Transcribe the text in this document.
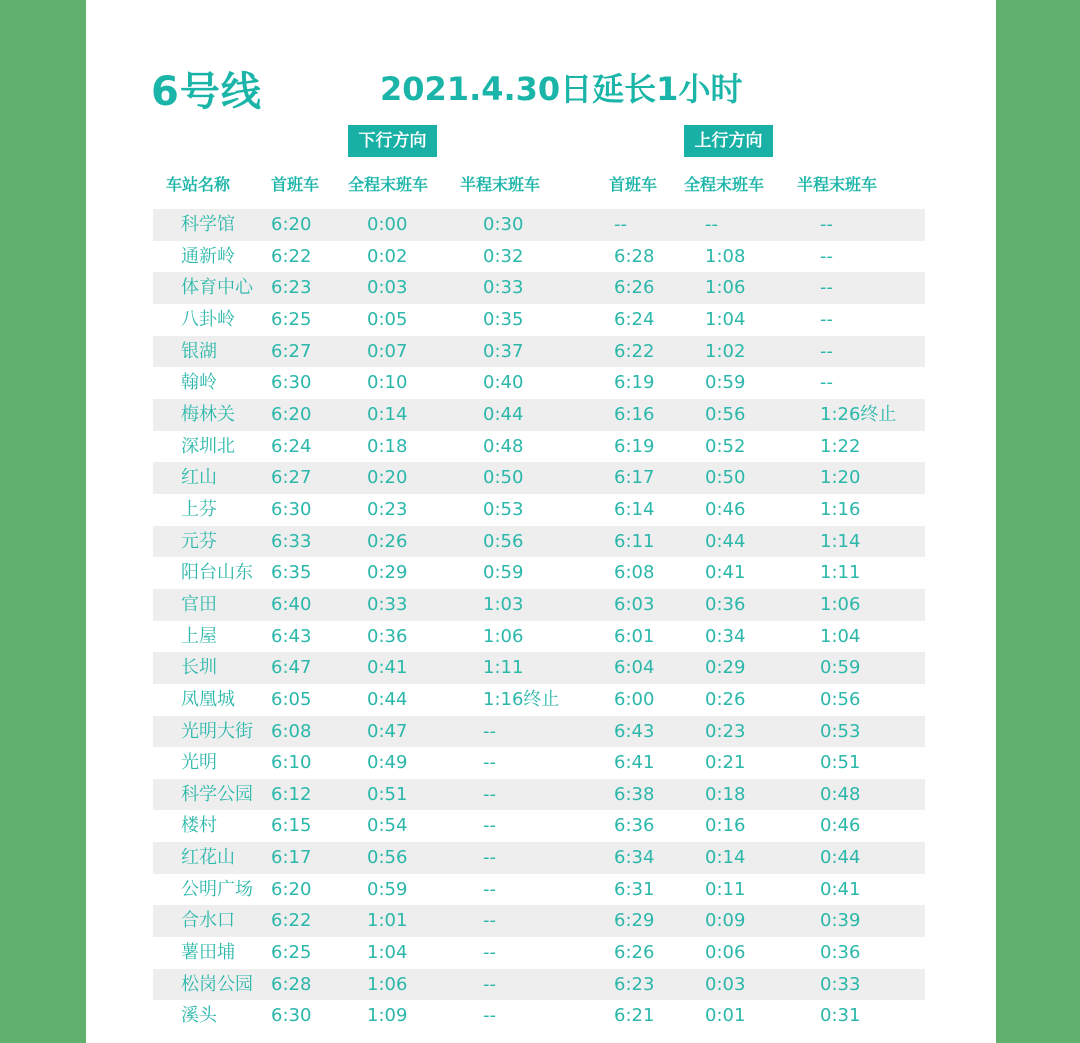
6号线	2021.4.30日延长1小时
下行方向	上行方向
车站名称	首班车 全程末班车 半程末班车	首班车 全程末班车 半程末班车
科学馆 6:20	0:00	0:30	--	--	--
通新岭 6:22	0:02	0:32	6:28	1:08	--
体育中心 6:23	0:03	0:33	6:26	1:06	--
八卦岭 6:25	0:05	0:35	6:24	1:04	--
银湖	6:27	0:07	0:37	6:22	1:02	--
翰岭	6:30	0:10	0:40	6:19	0:59	--
梅林关 6:20	0:14	0:44	6:16	0:56	1:26终止
深圳北 6:24	0:18	0:48	6:19	0:52	1:22
红山	6:27	0:20	0:50	6:17	0:50	1:20
上芬	6:30	0:23	0:53	6:14	0:46	1:16
元芬	6:33	0:26	0:56	6:11	0:44	1:14
阳台山东 6:35	0:29	0:59	6:08	0:41	1:11
官田	6:40	0:33	1:03	6:03	0:36	1:06
上屋	6:43	0:36	1:06	6:01	0:34	1:04
长圳	6:47	0:41	1:11	6:04	0:29	0:59
凤凰城 6:05	0:44	1:16终止	6:00	0:26	0:56
光明大街 6:08	0:47	--	6:43	0:23	0:53
光明	6:10	0:49	--	6:41	0:21	0:51
科学公园 6:12	0:51	--	6:38	0:18	0:48
楼村	6:15	0:54	--	6:36	0:16	0:46
红花山 6:17	0:56	--	6:34	0:14	0:44
公明广场 6:20	0:59	--	6:31	0:11	0:41
合水口 6:22	1:01	--	6:29	0:09	0:39
薯田埔 6:25	1:04	--	6:26	0:06	0:36
松岗公园 6:28	1:06	--	6:23	0:03	0:33
溪头	6:30	1:09	--	6:21	0:01	0:31
